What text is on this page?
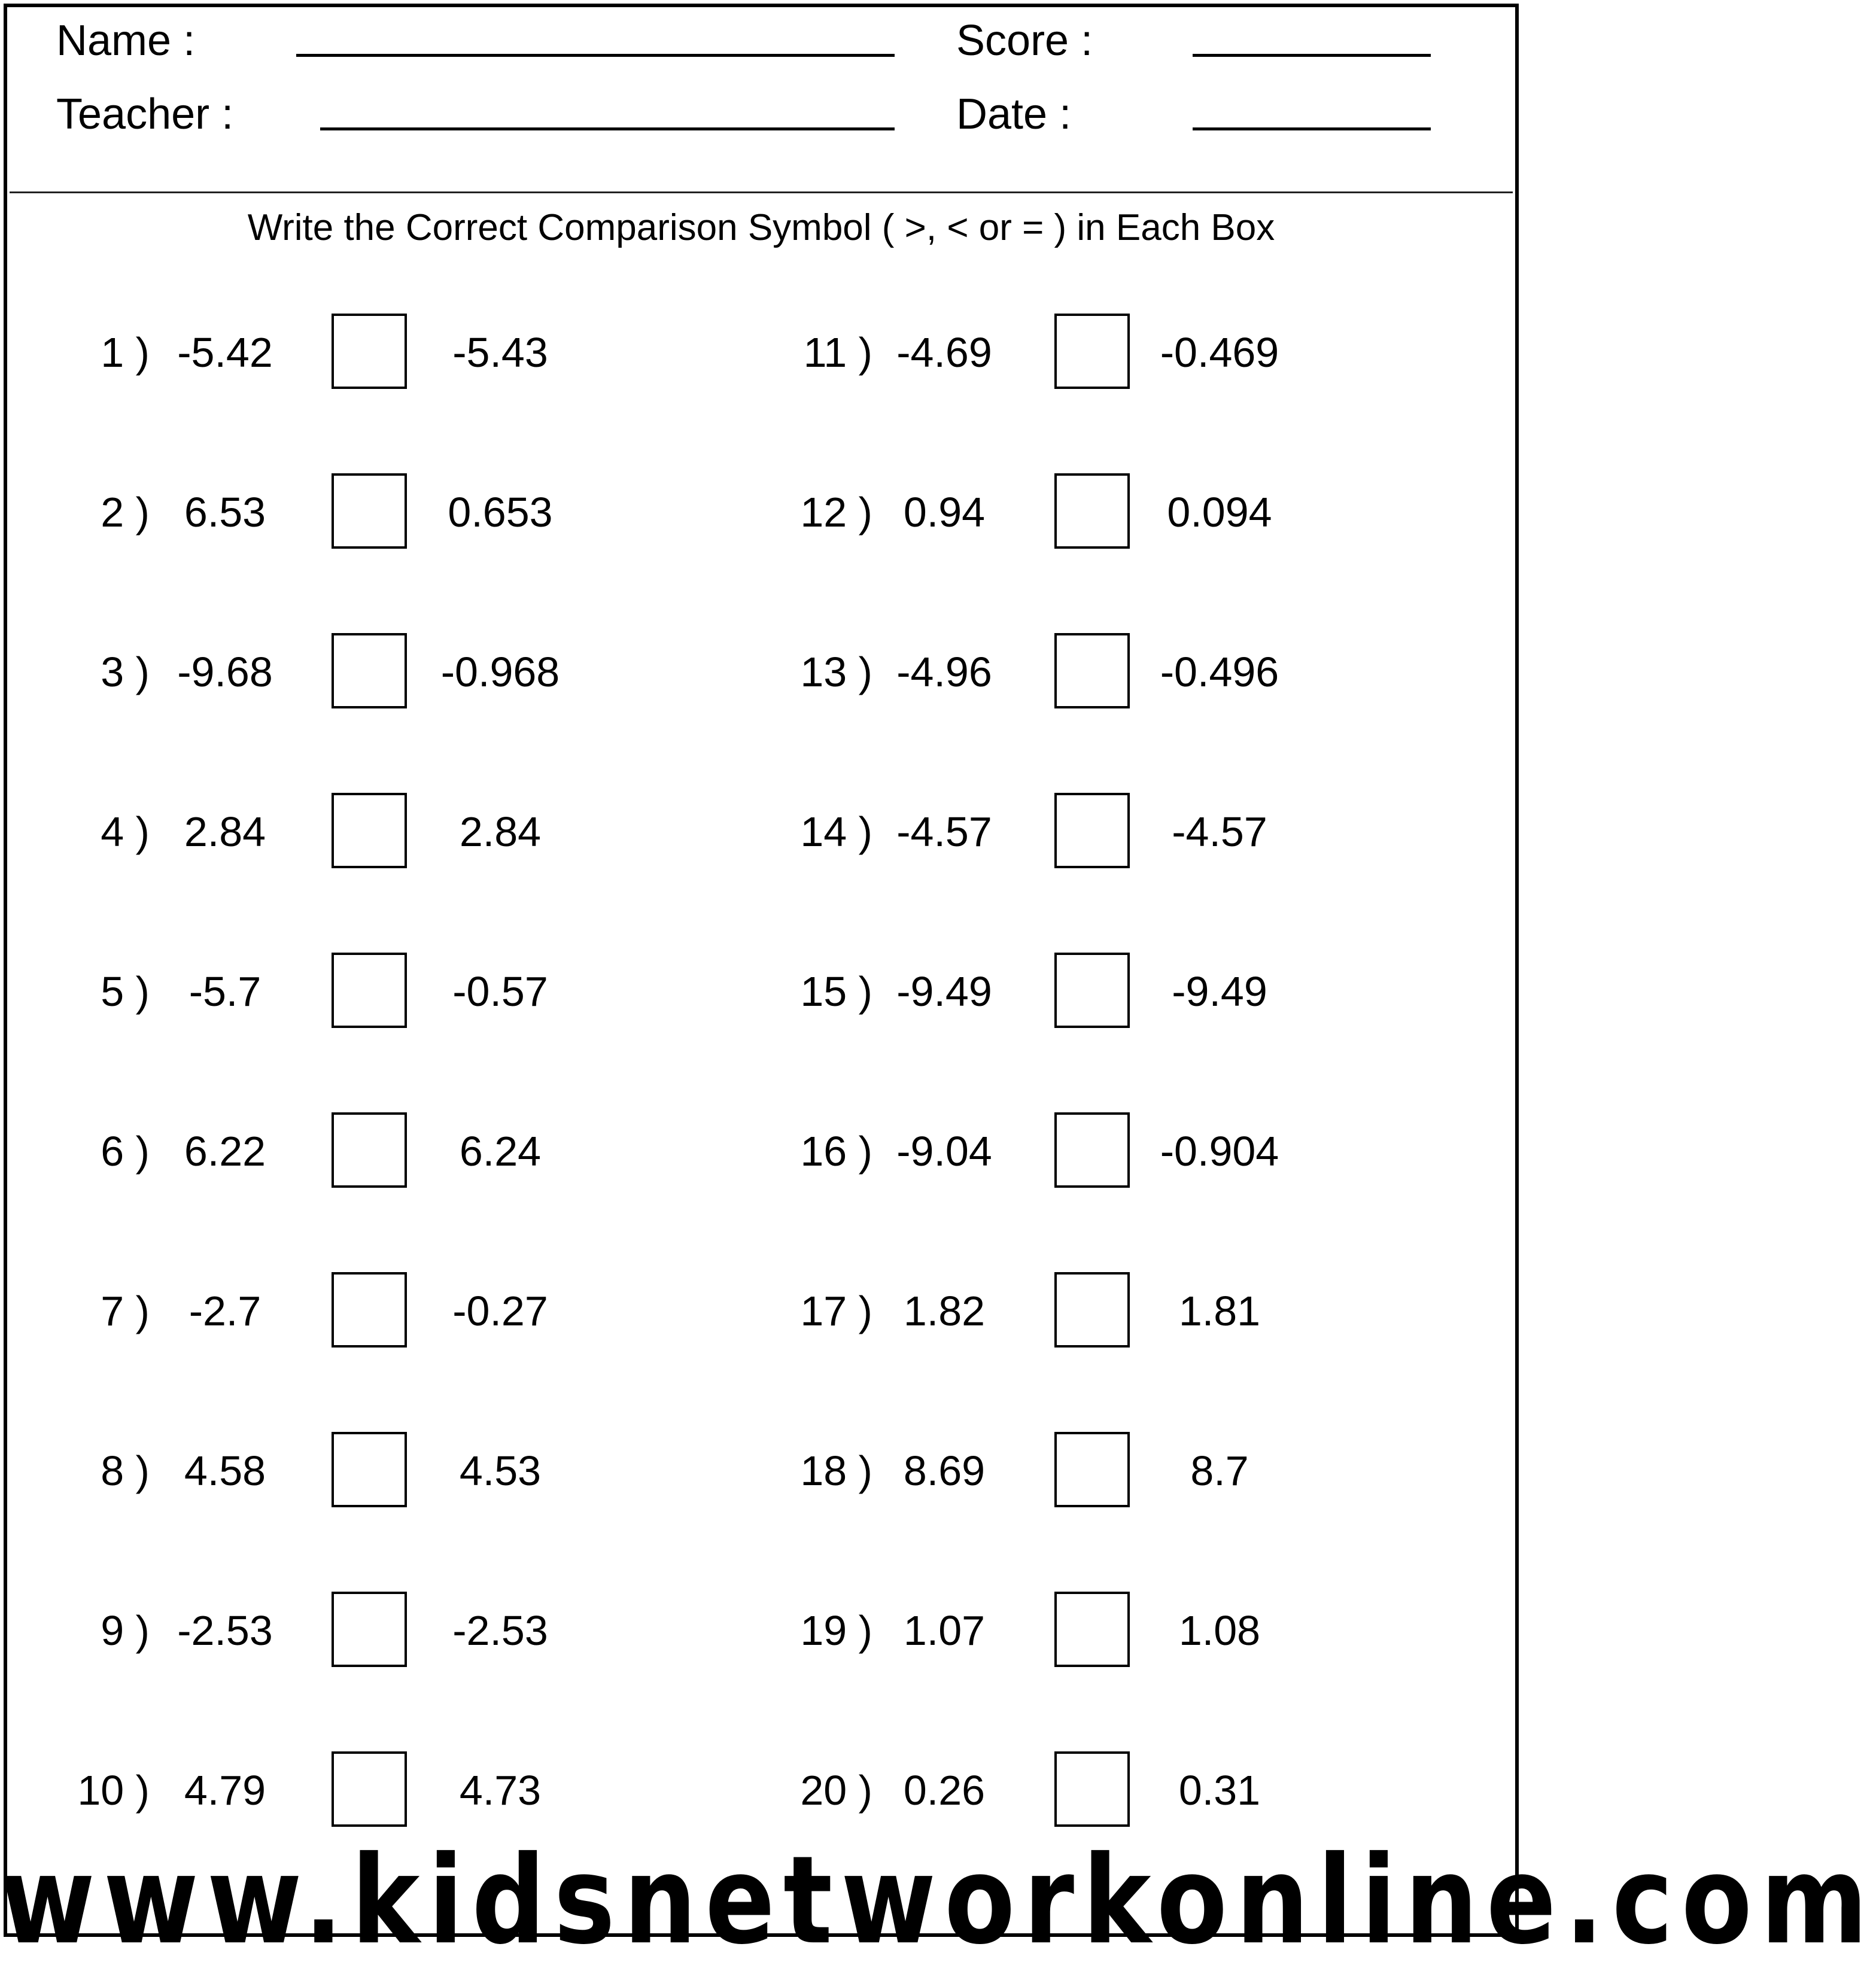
Name :	Score :
Teacher :	Date :
Write the Correct Comparison Symbol ( >, < or = ) in Each Box
1 ) -5.42	-5.43
2 ) 6.53	0.653
3 ) -9.68	-0.968
4 ) 2.84	2.84
5 ) -5.7	-0.57
6 ) 6.22	6.24
7 ) -2.7	-0.27
8 ) 4.58	4.53
9 ) -2.53	-2.53
10 ) 4.79	4.73
11 ) -4.69	-0.469
12 ) 0.94	0.094
13 ) -4.96	-0.496
14 ) -4.57	-4.57
15 ) -9.49	-9.49
16 ) -9.04	-0.904
17 ) 1.82	1.81
18 ) 8.69	8.7
19 ) 1.07	1.08
20 ) 0.26	0.31
www.kidsnetworkonline.com
